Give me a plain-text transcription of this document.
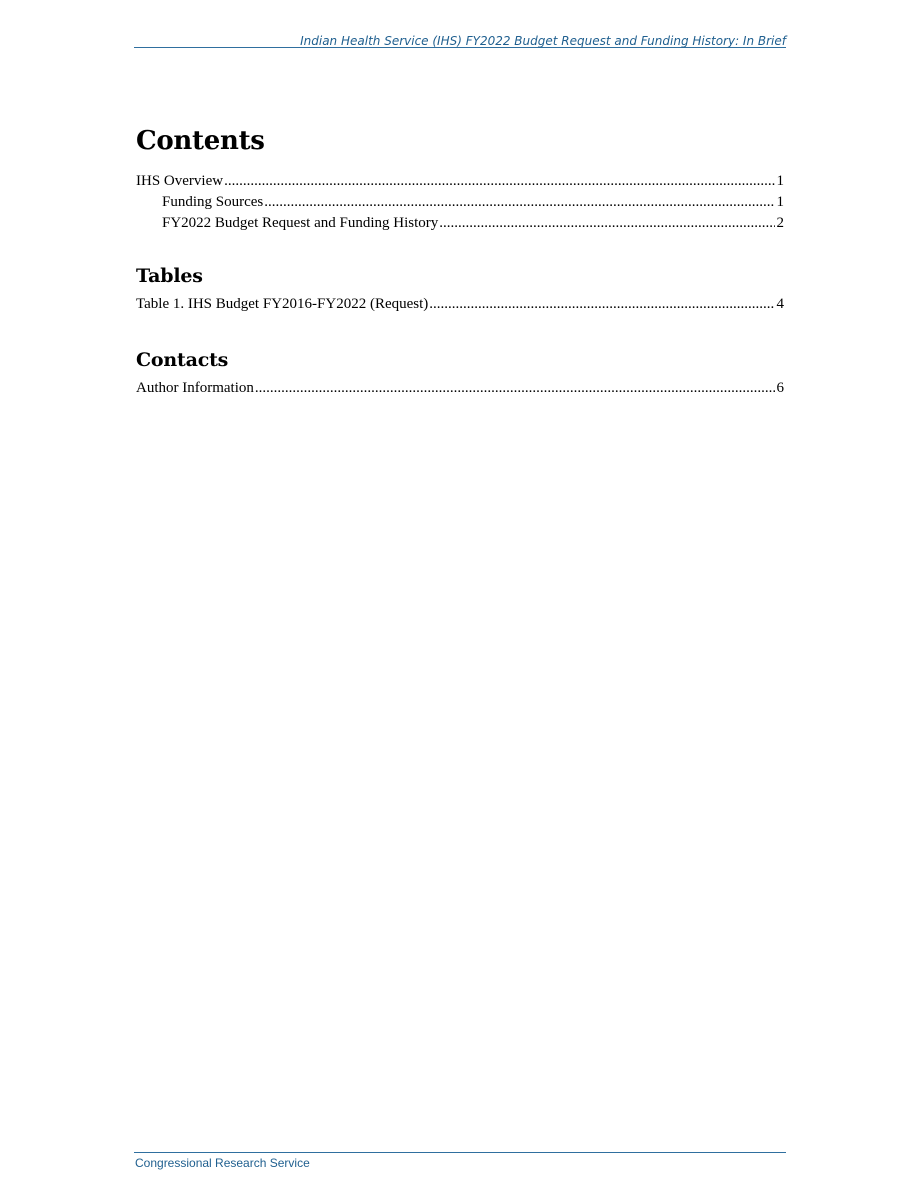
Indian Health Service (IHS) FY2022 Budget Request and Funding History: In Brief
Contents
IHS Overview .....	1
Funding Sources .....	1
FY2022 Budget Request and Funding History .....	2
Tables
Table 1. IHS Budget FY2016-FY2022 (Request) .....	4
Contacts
Author Information .....	6
Congressional Research Service
